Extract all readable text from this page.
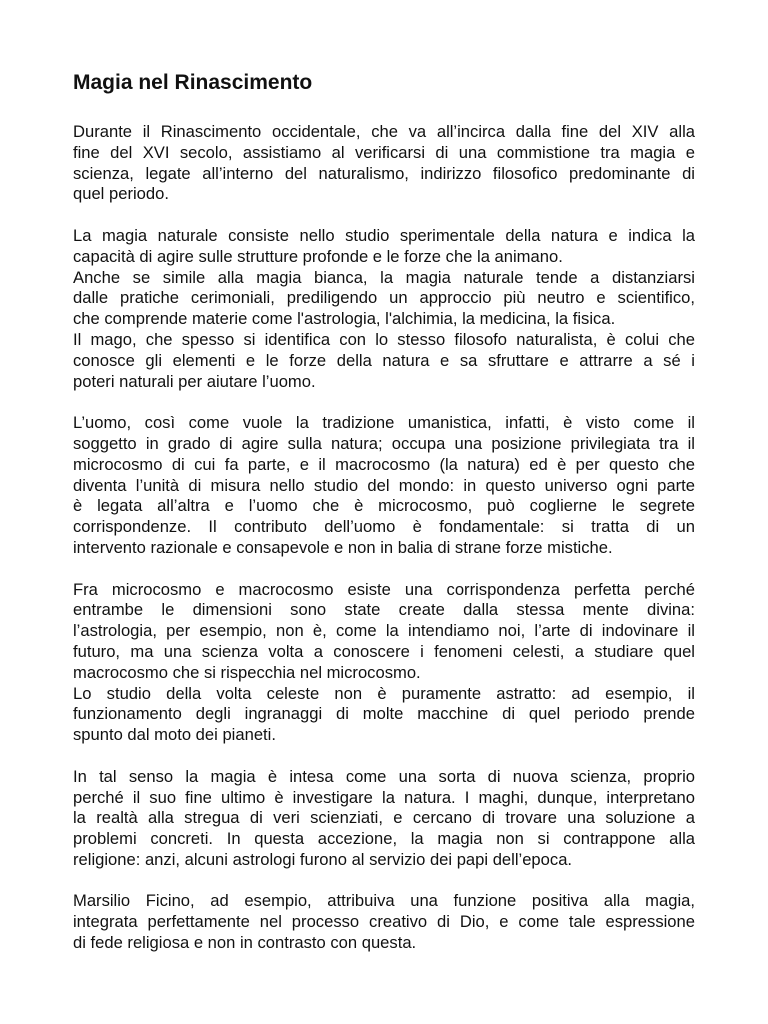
Magia nel Rinascimento

Durante il Rinascimento occidentale, che va all’incirca dalla fine del XIV alla
fine del XVI secolo, assistiamo al verificarsi di una commistione tra magia e
scienza, legate all’interno del naturalismo, indirizzo filosofico predominante di
quel periodo.

La magia naturale consiste nello studio sperimentale della natura e indica la
capacità di agire sulle strutture profonde e le forze che la animano.
Anche se simile alla magia bianca, la magia naturale tende a distanziarsi
dalle pratiche cerimoniali, prediligendo un approccio più neutro e scientifico,
che comprende materie come l'astrologia, l'alchimia, la medicina, la fisica.
Il mago, che spesso si identifica con lo stesso filosofo naturalista, è colui che
conosce gli elementi e le forze della natura e sa sfruttare e attrarre a sé i
poteri naturali per aiutare l’uomo.

L’uomo, così come vuole la tradizione umanistica, infatti, è visto come il
soggetto in grado di agire sulla natura; occupa una posizione privilegiata tra il
microcosmo di cui fa parte, e il macrocosmo (la natura) ed è per questo che
diventa l’unità di misura nello studio del mondo: in questo universo ogni parte
è legata all’altra e l’uomo che è microcosmo, può coglierne le segrete
corrispondenze. Il contributo dell’uomo è fondamentale: si tratta di un
intervento razionale e consapevole e non in balia di strane forze mistiche.

Fra microcosmo e macrocosmo esiste una corrispondenza perfetta perché
entrambe le dimensioni sono state create dalla stessa mente divina:
l’astrologia, per esempio, non è, come la intendiamo noi, l’arte di indovinare il
futuro, ma una scienza volta a conoscere i fenomeni celesti, a studiare quel
macrocosmo che si rispecchia nel microcosmo.
Lo studio della volta celeste non è puramente astratto: ad esempio, il
funzionamento degli ingranaggi di molte macchine di quel periodo prende
spunto dal moto dei pianeti.

In tal senso la magia è intesa come una sorta di nuova scienza, proprio
perché il suo fine ultimo è investigare la natura. I maghi, dunque, interpretano
la realtà alla stregua di veri scienziati, e cercano di trovare una soluzione a
problemi concreti. In questa accezione, la magia non si contrappone alla
religione: anzi, alcuni astrologi furono al servizio dei papi dell’epoca.

Marsilio Ficino, ad esempio, attribuiva una funzione positiva alla magia,
integrata perfettamente nel processo creativo di Dio, e come tale espressione
di fede religiosa e non in contrasto con questa.
